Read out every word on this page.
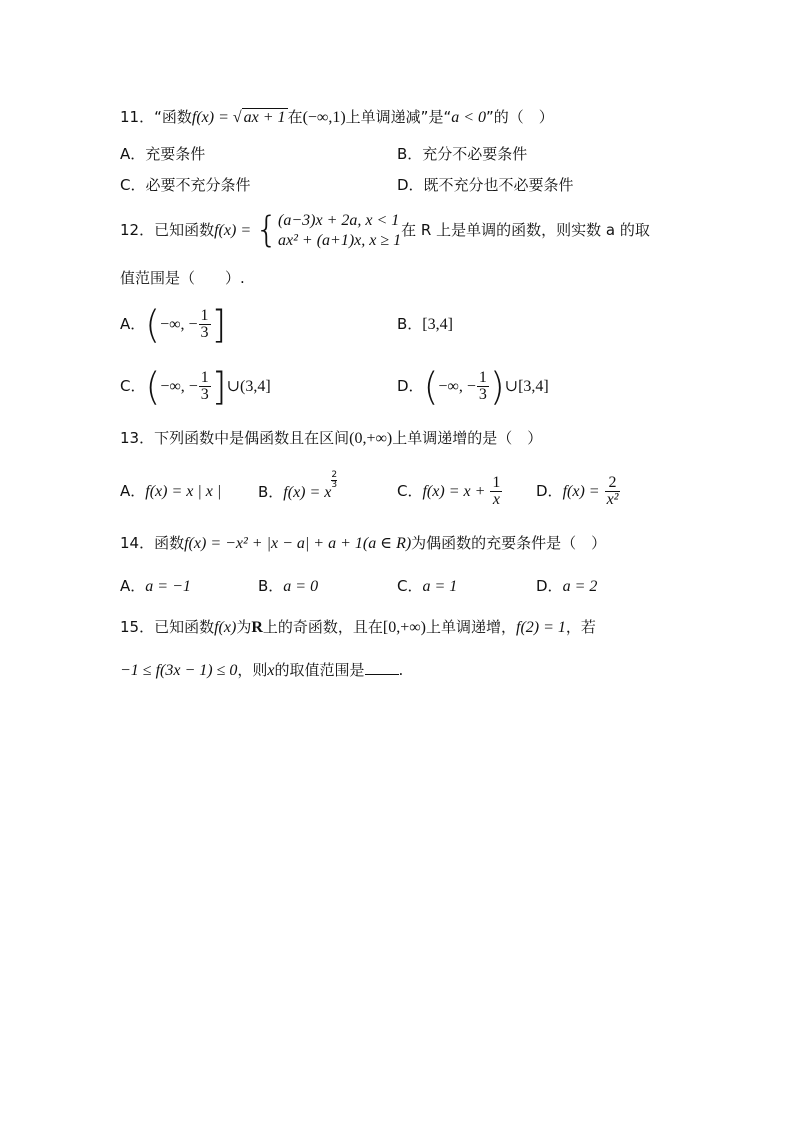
11．“函数f(x) = √ ax + 1 在(−∞,1)上单调递减”是“a < 0”的（　）
A．充要条件	B．充分不必要条件
C．必要不充分条件	D．既不充分也不必要条件
12．已知函数f(x) = { (a−3)x + 2a, x < 1
ax² + (a+1)x, x ≥ 1
在 R 上是单调的函数，则实数 a 的取
值范围是（　　）.
A．(−∞, − $\frac{1}{3}$ ]	B．[3,4]
C．(−∞, − $\frac{1}{3}$ ]∪(3,4]	D．(−∞, − $\frac{1}{3}$ )∪[3,4]
13．下列函数中是偶函数且在区间(0,+∞)上单调递增的是（　）
A．f(x) = x | x | B．f(x) = x
$^{\frac{2}{3}}$
C．$f(x) = x + \frac{1}{x}$ D．$f(x) = \frac{2}{\text{x²}}$
14．函数f(x) = −x² + |x − a| + a + 1(a ∈ R)为偶函数的充要条件是（　）
A．a = −1	B．a = 0	C．a = 1	D．a = 2
15．已知函数f(x)为R上的奇函数，且在[0,+∞)上单调递增，f(2) = 1，若
−1 ≤ f(3x − 1) ≤ 0，则x的取值范围是 .
